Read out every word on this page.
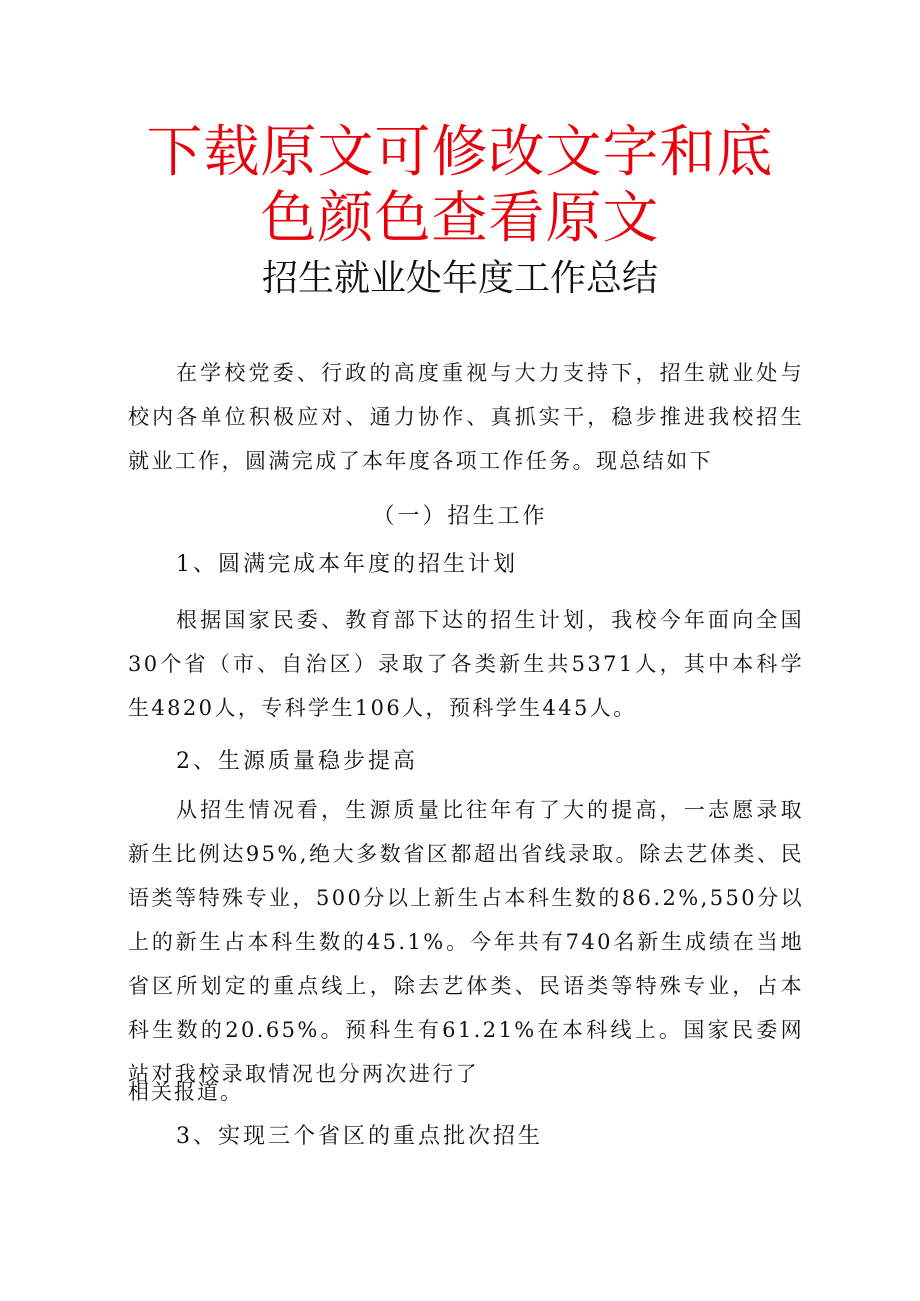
下载原文可修改文字和底
色颜色查看原文
招生就业处年度工作总结

在学校党委、行政的高度重视与大力支持下，招生就业处与校内各单位积极应对、通力协作、真抓实干，稳步推进我校招生就业工作，圆满完成了本年度各项工作任务。现总结如下

（一）招生工作
1、圆满完成本年度的招生计划

根据国家民委、教育部下达的招生计划，我校今年面向全国30个省（市、自治区）录取了各类新生共5371人，其中本科学生4820人，专科学生106人，预科学生445人。

2、生源质量稳步提高

从招生情况看，生源质量比往年有了大的提高，一志愿录取新生比例达95%,绝大多数省区都超出省线录取。除去艺体类、民语类等特殊专业，500分以上新生占本科生数的86.2%,550分以上的新生占本科生数的45.1%。今年共有740名新生成绩在当地省区所划定的重点线上，除去艺体类、民语类等特殊专业，占本科生数的20.65%。预科生有61.21%在本科线上。国家民委网站对我校录取情况也分两次进行了

相关报道。

3、实现三个省区的重点批次招生
